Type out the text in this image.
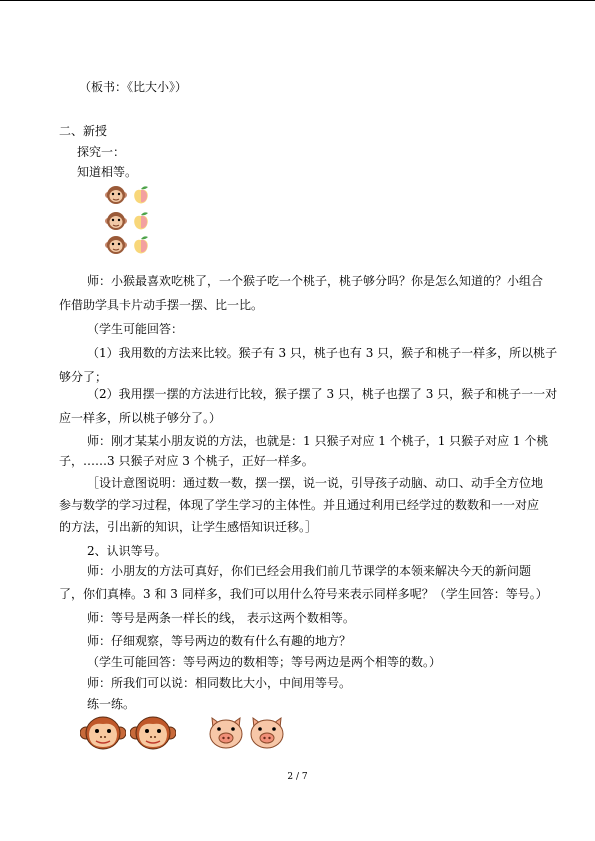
（板书：《比大小》）
二、新授
探究一：
知道相等。
师：小猴最喜欢吃桃了，一个猴子吃一个桃子，桃子够分吗？你是怎么知道的？小组合
作借助学具卡片动手摆一摆、比一比。
（学生可能回答：
（1）我用数的方法来比较。猴子有 3 只，桃子也有 3 只，猴子和桃子一样多，所以桃子
够分了；
（2）我用摆一摆的方法进行比较，猴子摆了 3 只，桃子也摆了 3 只，猴子和桃子一一对
应一样多，所以桃子够分了。）
师：刚才某某小朋友说的方法，也就是：1 只猴子对应 1 个桃子，1 只猴子对应 1 个桃
子，……3 只猴子对应 3 个桃子，正好一样多。
［设计意图说明：通过数一数，摆一摆，说一说，引导孩子动脑、动口、动手全方位地
参与数学的学习过程，体现了学生学习的主体性。并且通过利用已经学过的数数和一一对应
的方法，引出新的知识，让学生感悟知识迁移。］
2、认识等号。
师：小朋友的方法可真好，你们已经会用我们前几节课学的本领来解决今天的新问题
了，你们真棒。3 和 3 同样多，我们可以用什么符号来表示同样多呢？（学生回答：等号。）
师：等号是两条一样长的线， 表示这两个数相等。
师：仔细观察，等号两边的数有什么有趣的地方？
（学生可能回答：等号两边的数相等；等号两边是两个相等的数。）
师：所我们可以说：相同数比大小，中间用等号。
练一练。
2 / 7
